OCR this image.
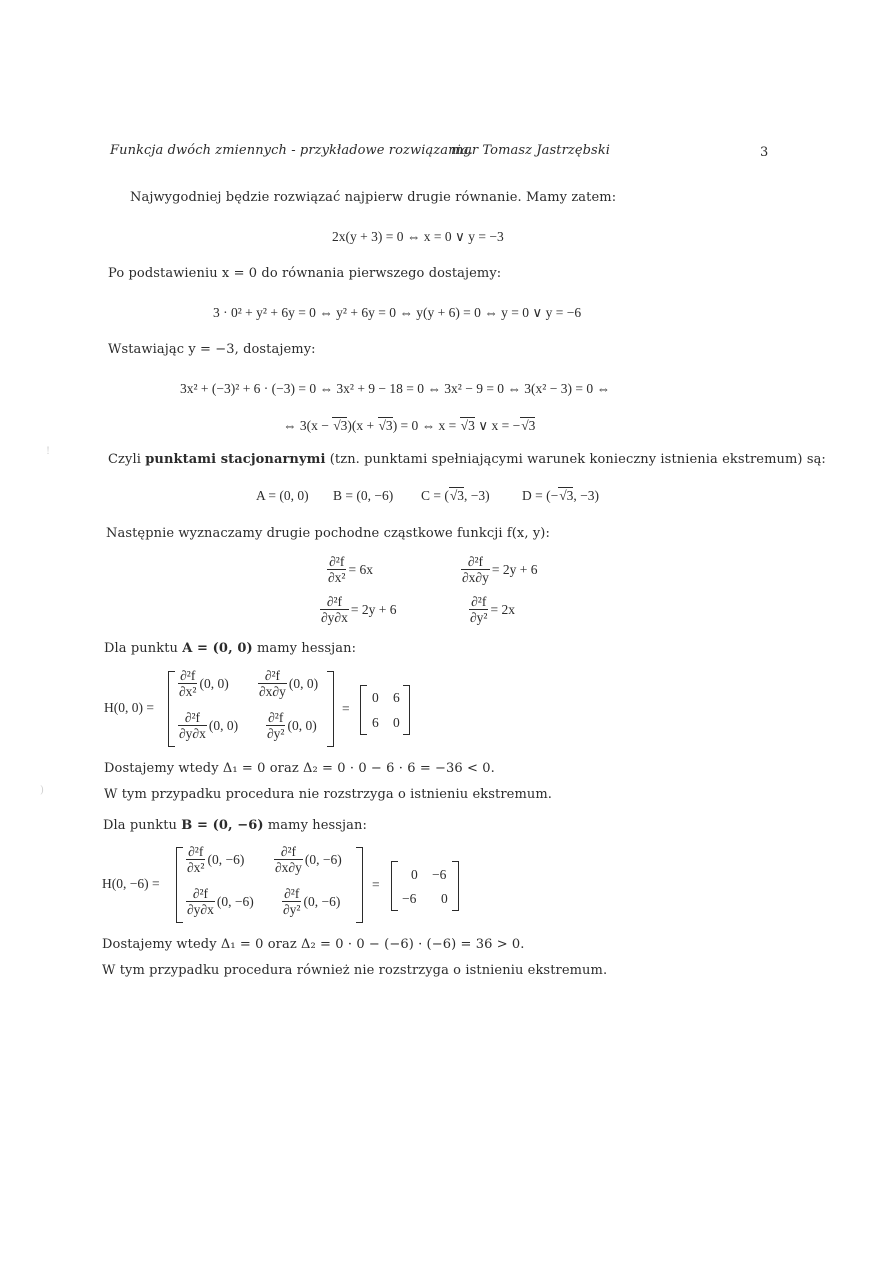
Funkcja dwóch zmiennych - przykładowe rozwiązania.
mgr Tomasz Jastrzębski	3
Najwygodniej będzie rozwiązać najpierw drugie równanie. Mamy zatem:
2x(y + 3) = 0 ⇔ x = 0 ∨ y = −3
Po podstawieniu x = 0 do równania pierwszego dostajemy:
3 · 0² + y² + 6y = 0 ⇔ y² + 6y = 0 ⇔ y(y + 6) = 0 ⇔ y = 0 ∨ y = −6
Wstawiając y = −3, dostajemy:
3x² + (−3)² + 6 · (−3) = 0 ⇔ 3x² + 9 − 18 = 0 ⇔ 3x² − 9 = 0 ⇔ 3(x² − 3) = 0 ⇔
⇔ 3(x − √3)(x + √3) = 0 ⇔ x = √3 ∨ x = −√3
!
Czyli punktami stacjonarnymi (tzn. punktami spełniającymi warunek konieczny istnienia ekstremum) są:
A = (0, 0) B = (0, −6) C = (√3, −3) D = (−√3, −3)
Następnie wyznaczamy drugie pochodne cząstkowe funkcji f(x, y):
$\frac{\text{∂²f}}{\text{∂x²}} = 6x$	$\frac{\text{∂²f}}{\partial x\partial y} = 2y + 6$
$\frac{\text{∂²f}}{\partial y\partial x} = 2y + 6$	$\frac{\text{∂²f}}{\text{∂y²}} = 2x$
Dla punktu A = (0, 0) mamy hessjan:
H(0, 0) =
$\frac{\text{∂²f}}{\text{∂x²}} (0$, $0) \frac{\text{∂²f}}{\partial x\partial y} (0$, 0)
$\frac{\text{∂²f}}{\partial y\partial x} (0$, $0) \frac{\text{∂²f}}{\text{∂y²}} (0$, 0)
=
0 6
6 0
Dostajemy wtedy Δ₁ = 0 oraz Δ₂ = 0 · 0 − 6 · 6 = −36 < 0.
W tym przypadku procedura nie rozstrzyga o istnieniu ekstremum.
)
Dla punktu B = (0, −6) mamy hessjan:
H(0, −6) =
$\frac{\text{∂²f}}{\text{∂x²}} (0$, $-6) \frac{\text{∂²f}}{\partial x\partial y} (0$, −6)
$\frac{\text{∂²f}}{\partial y\partial x} (0$, $-6) \frac{\text{∂²f}}{\text{∂y²}} (0$, −6)
=
0 −6
−6 0
Dostajemy wtedy Δ₁ = 0 oraz Δ₂ = 0 · 0 − (−6) · (−6) = 36 > 0.
W tym przypadku procedura również nie rozstrzyga o istnieniu ekstremum.
